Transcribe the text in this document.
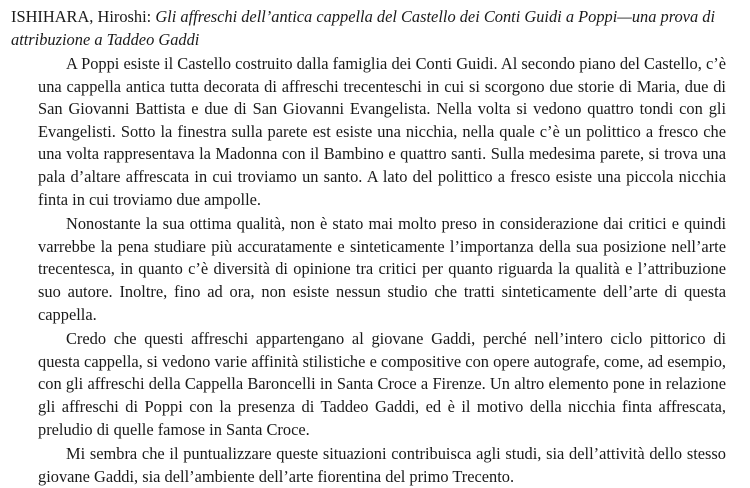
ISHIHARA, Hiroshi: Gli affreschi dell’antica cappella del Castello dei Conti Guidi a Poppi—una prova di attribuzione a Taddeo Gaddi

A Poppi esiste il Castello costruito dalla famiglia dei Conti Guidi. Al secondo piano del Castello, c’è una cappella antica tutta decorata di affreschi trecenteschi in cui si scorgono due storie di Maria, due di San Giovanni Battista e due di San Giovanni Evangelista. Nella volta si vedono quattro tondi con gli Evangelisti. Sotto la finestra sulla parete est esiste una nicchia, nella quale c’è un polittico a fresco che una volta rappresentava la Madonna con il Bambino e quattro santi. Sulla medesima parete, si trova una pala d’altare affrescata in cui troviamo un santo. A lato del polittico a fresco esiste una piccola nicchia finta in cui troviamo due ampolle.

Nonostante la sua ottima qualità, non è stato mai molto preso in considerazione dai critici e quindi varrebbe la pena studiare più accuratamente e sinteticamente l’importanza della sua posizione nell’arte trecentesca, in quanto c’è diversità di opinione tra critici per quanto riguarda la qualità e l’attribuzione suo autore. Inoltre, fino ad ora, non esiste nessun studio che tratti sinteticamente dell’arte di questa cappella.

Credo che questi affreschi appartengano al giovane Gaddi, perché nell’intero ciclo pittorico di questa cappella, si vedono varie affinità stilistiche e compositive con opere autografe, come, ad esempio, con gli affreschi della Cappella Baroncelli in Santa Croce a Firenze. Un altro elemento pone in relazione gli affreschi di Poppi con la presenza di Taddeo Gaddi, ed è il motivo della nicchia finta affrescata, preludio di quelle famose in Santa Croce.

Mi sembra che il puntualizzare queste situazioni contribuisca agli studi, sia dell’attività dello stesso giovane Gaddi, sia dell’ambiente dell’arte fiorentina del primo Trecento.
